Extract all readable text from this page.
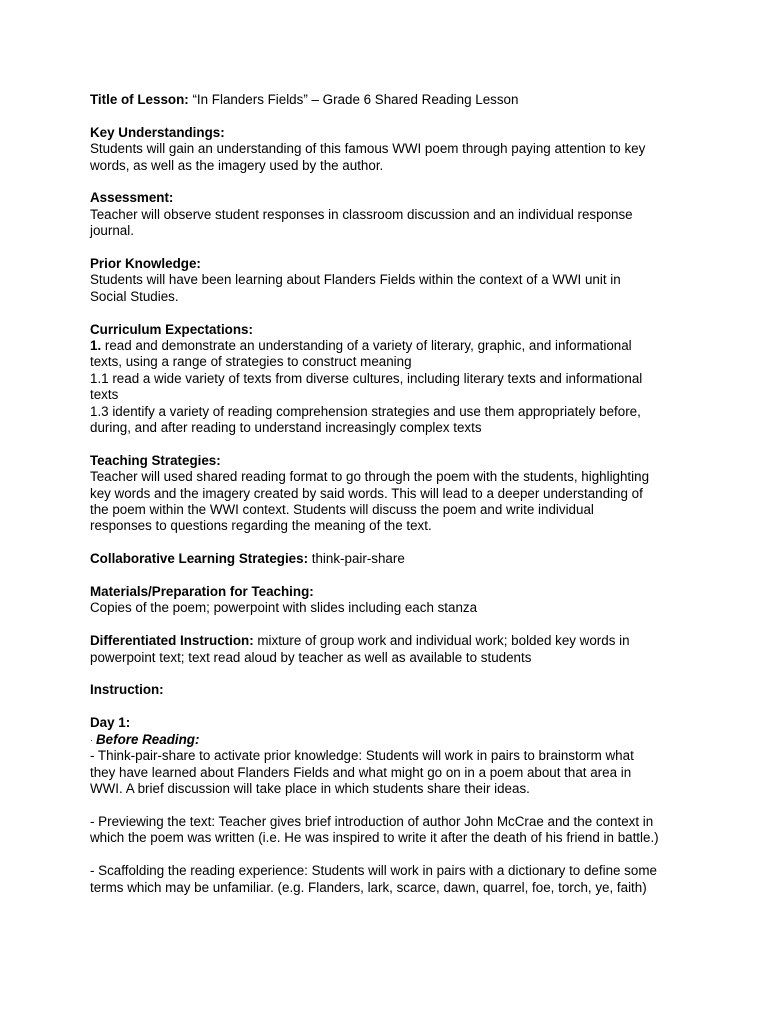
Title of Lesson: “In Flanders Fields” – Grade 6 Shared Reading Lesson
Key Understandings:
Students will gain an understanding of this famous WWI poem through paying attention to key
words, as well as the imagery used by the author.
Assessment:
Teacher will observe student responses in classroom discussion and an individual response
journal.
Prior Knowledge:
Students will have been learning about Flanders Fields within the context of a WWI unit in
Social Studies.
Curriculum Expectations:
1. read and demonstrate an understanding of a variety of literary, graphic, and informational
texts, using a range of strategies to construct meaning
1.1 read a wide variety of texts from diverse cultures, including literary texts and informational
texts
1.3 identify a variety of reading comprehension strategies and use them appropriately before,
during, and after reading to understand increasingly complex texts
Teaching Strategies:
Teacher will used shared reading format to go through the poem with the students, highlighting
key words and the imagery created by said words. This will lead to a deeper understanding of
the poem within the WWI context. Students will discuss the poem and write individual
responses to questions regarding the meaning of the text.
Collaborative Learning Strategies: think-pair-share
Materials/Preparation for Teaching:
Copies of the poem; powerpoint with slides including each stanza
Differentiated Instruction: mixture of group work and individual work; bolded key words in
powerpoint text; text read aloud by teacher as well as available to students
Instruction:
Day 1:
· Before Reading:
- Think-pair-share to activate prior knowledge: Students will work in pairs to brainstorm what
they have learned about Flanders Fields and what might go on in a poem about that area in
WWI. A brief discussion will take place in which students share their ideas.
- Previewing the text: Teacher gives brief introduction of author John McCrae and the context in
which the poem was written (i.e. He was inspired to write it after the death of his friend in battle.)
- Scaffolding the reading experience: Students will work in pairs with a dictionary to define some
terms which may be unfamiliar. (e.g. Flanders, lark, scarce, dawn, quarrel, foe, torch, ye, faith)
